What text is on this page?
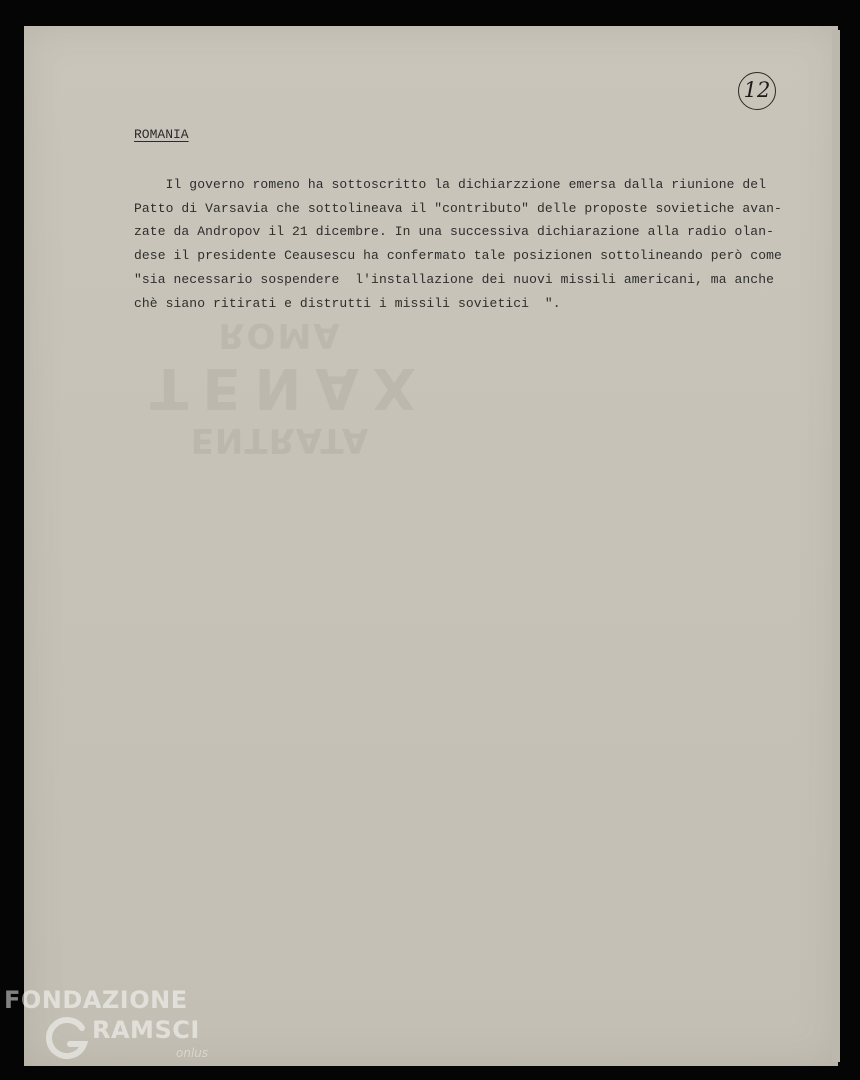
ENTRATA
TENAX
ROMA
12
ROMANIA
Il governo romeno ha sottoscritto la dichiarzzione emersa dalla riunione del
Patto di Varsavia che sottolineava il "contributo" delle proposte sovietiche avan-
zate da Andropov il 21 dicembre. In una successiva dichiarazione alla radio olan-
dese il presidente Ceausescu ha confermato tale posizionen sottolineando però come
"sia necessario sospendere  l'installazione dei nuovi missili americani, ma anche
chè siano ritirati e distrutti i missili sovietici  ".
FONDAZIONE
RAMSCI
onlus
